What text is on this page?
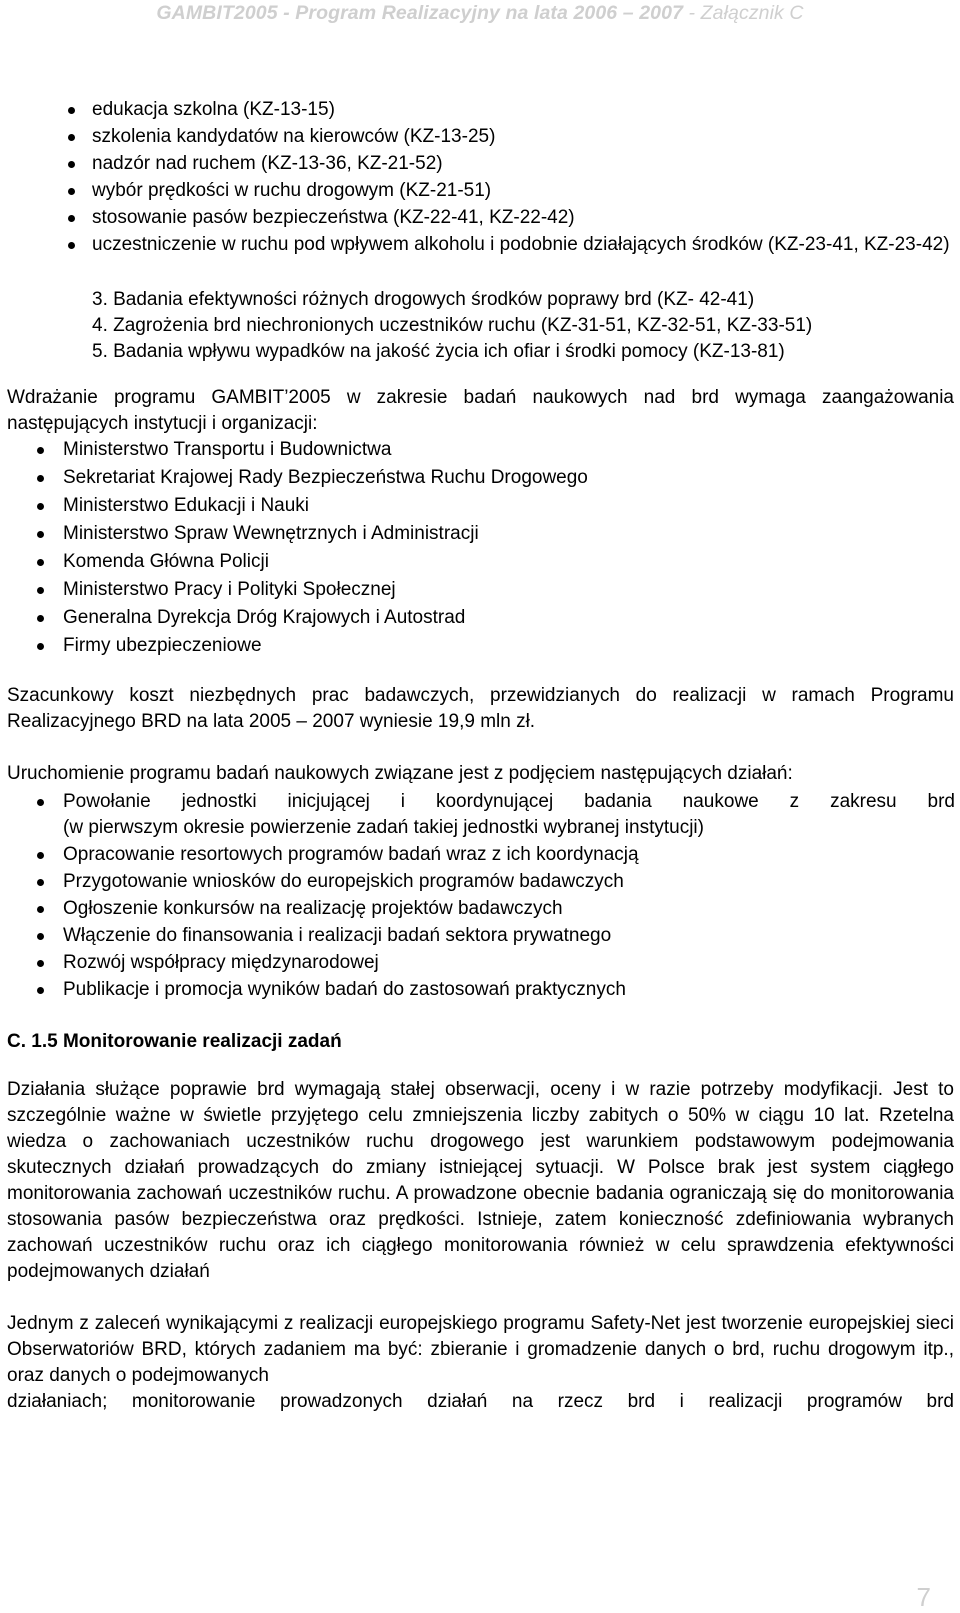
GAMBIT2005 - Program Realizacyjny na lata 2006 – 2007 - Załącznik C
edukacja szkolna (KZ-13-15)
szkolenia kandydatów na kierowców (KZ-13-25)
nadzór nad ruchem (KZ-13-36, KZ-21-52)
wybór prędkości w ruchu drogowym (KZ-21-51)
stosowanie pasów bezpieczeństwa (KZ-22-41, KZ-22-42)
uczestniczenie w ruchu pod wpływem alkoholu i podobnie działających środków (KZ-23-41, KZ-23-42)
3. Badania efektywności różnych drogowych środków poprawy brd (KZ- 42-41)
4. Zagrożenia brd niechronionych uczestników ruchu (KZ-31-51, KZ-32-51, KZ-33-51)
5. Badania wpływu wypadków na jakość życia ich ofiar i środki pomocy (KZ-13-81)
Wdrażanie programu GAMBIT’2005 w zakresie badań naukowych nad brd wymaga zaangażowania następujących instytucji i organizacji:
Ministerstwo Transportu i Budownictwa
Sekretariat Krajowej Rady Bezpieczeństwa Ruchu Drogowego
Ministerstwo Edukacji i Nauki
Ministerstwo Spraw Wewnętrznych i Administracji
Komenda Główna Policji
Ministerstwo Pracy i Polityki Społecznej
Generalna Dyrekcja Dróg Krajowych i Autostrad
Firmy ubezpieczeniowe
Szacunkowy koszt niezbędnych prac badawczych, przewidzianych do realizacji w ramach Programu Realizacyjnego BRD na lata 2005 – 2007 wyniesie 19,9 mln zł.
Uruchomienie programu badań naukowych związane jest z podjęciem następujących działań:
Powołanie jednostki inicjującej i koordynującej badania naukowe z zakresu brd
(w pierwszym okresie powierzenie zadań takiej jednostki wybranej instytucji)
Opracowanie resortowych programów badań wraz z ich koordynacją
Przygotowanie wniosków do europejskich programów badawczych
Ogłoszenie konkursów na realizację projektów badawczych
Włączenie do finansowania i realizacji badań sektora prywatnego
Rozwój współpracy międzynarodowej
Publikacje i promocja wyników badań do zastosowań praktycznych
C. 1.5 Monitorowanie realizacji zadań
Działania służące poprawie brd wymagają stałej obserwacji, oceny i w razie potrzeby modyfikacji. Jest to szczególnie ważne w świetle przyjętego celu zmniejszenia liczby zabitych o 50% w ciągu 10 lat. Rzetelna wiedza o zachowaniach uczestników ruchu drogowego jest warunkiem podstawowym podejmowania skutecznych działań prowadzących do zmiany istniejącej sytuacji. W Polsce brak jest system ciągłego monitorowania zachowań uczestników ruchu. A prowadzone obecnie badania ograniczają się do monitorowania stosowania pasów bezpieczeństwa oraz prędkości. Istnieje, zatem konieczność zdefiniowania wybranych zachowań uczestników ruchu oraz ich ciągłego monitorowania również w celu sprawdzenia efektywności podejmowanych działań
Jednym z zaleceń wynikającymi z realizacji europejskiego programu Safety-Net jest tworzenie europejskiej sieci Obserwatoriów BRD, których zadaniem ma być: zbieranie i gromadzenie danych o brd, ruchu drogowym itp., oraz danych o podejmowanych
działaniach; monitorowanie prowadzonych działań na rzecz brd i realizacji programów brd
7
